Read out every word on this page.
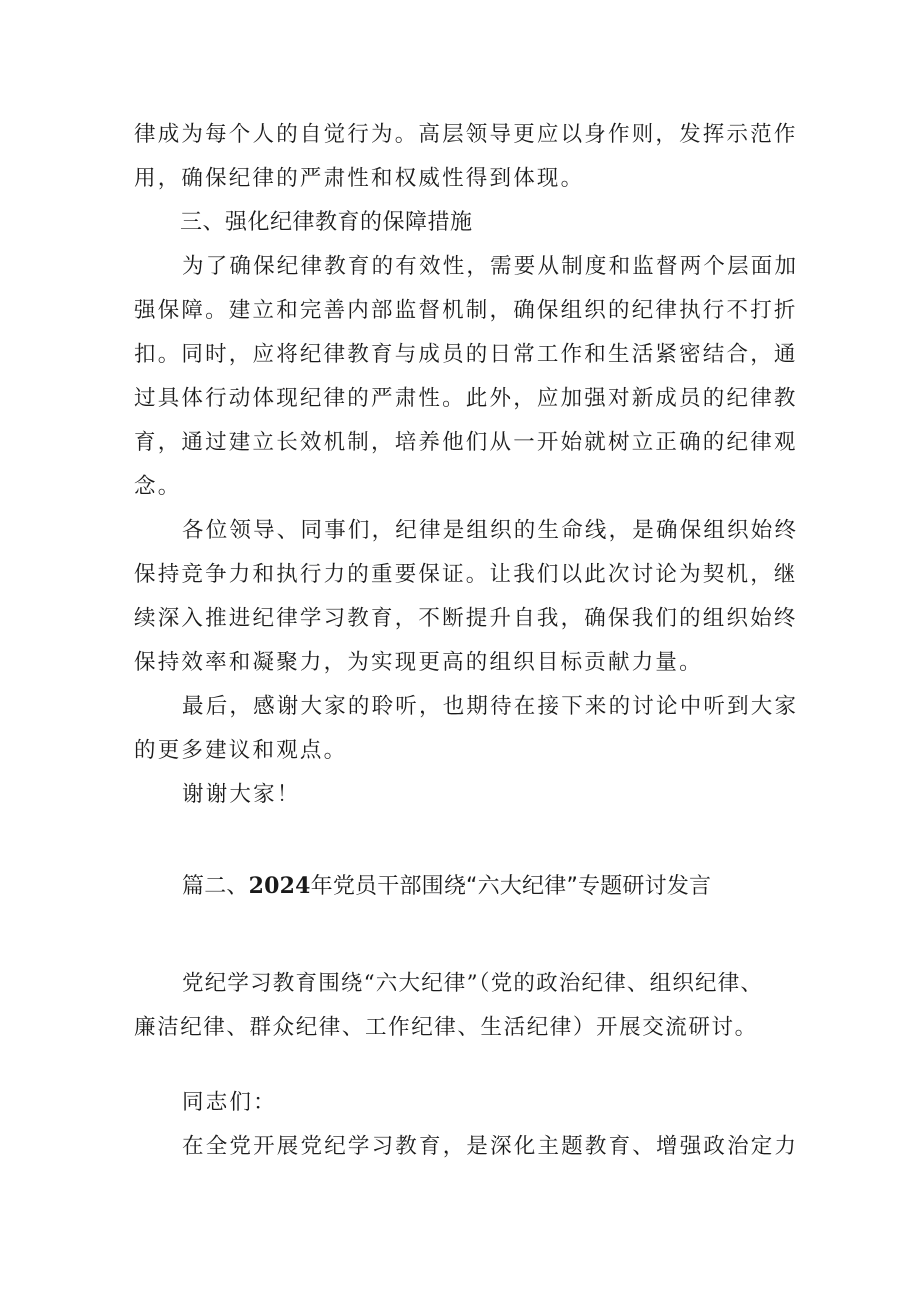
律成为每个人的自觉行为。高层领导更应以身作则，发挥示范作
用，确保纪律的严肃性和权威性得到体现。
三、强化纪律教育的保障措施
为了确保纪律教育的有效性，需要从制度和监督两个层面加
强保障。建立和完善内部监督机制，确保组织的纪律执行不打折
扣。同时，应将纪律教育与成员的日常工作和生活紧密结合，通
过具体行动体现纪律的严肃性。此外，应加强对新成员的纪律教
育，通过建立长效机制，培养他们从一开始就树立正确的纪律观
念。
各位领导、同事们，纪律是组织的生命线，是确保组织始终
保持竞争力和执行力的重要保证。让我们以此次讨论为契机，继
续深入推进纪律学习教育，不断提升自我，确保我们的组织始终
保持效率和凝聚力，为实现更高的组织目标贡献力量。
最后，感谢大家的聆听，也期待在接下来的讨论中听到大家
的更多建议和观点。
谢谢大家！
篇二、2024年党员干部围绕“六大纪律”专题研讨发言
党纪学习教育围绕“六大纪律”（党的政治纪律、组织纪律、
廉洁纪律、群众纪律、工作纪律、生活纪律）开展交流研讨。
同志们：
在全党开展党纪学习教育，是深化主题教育、增强政治定力
